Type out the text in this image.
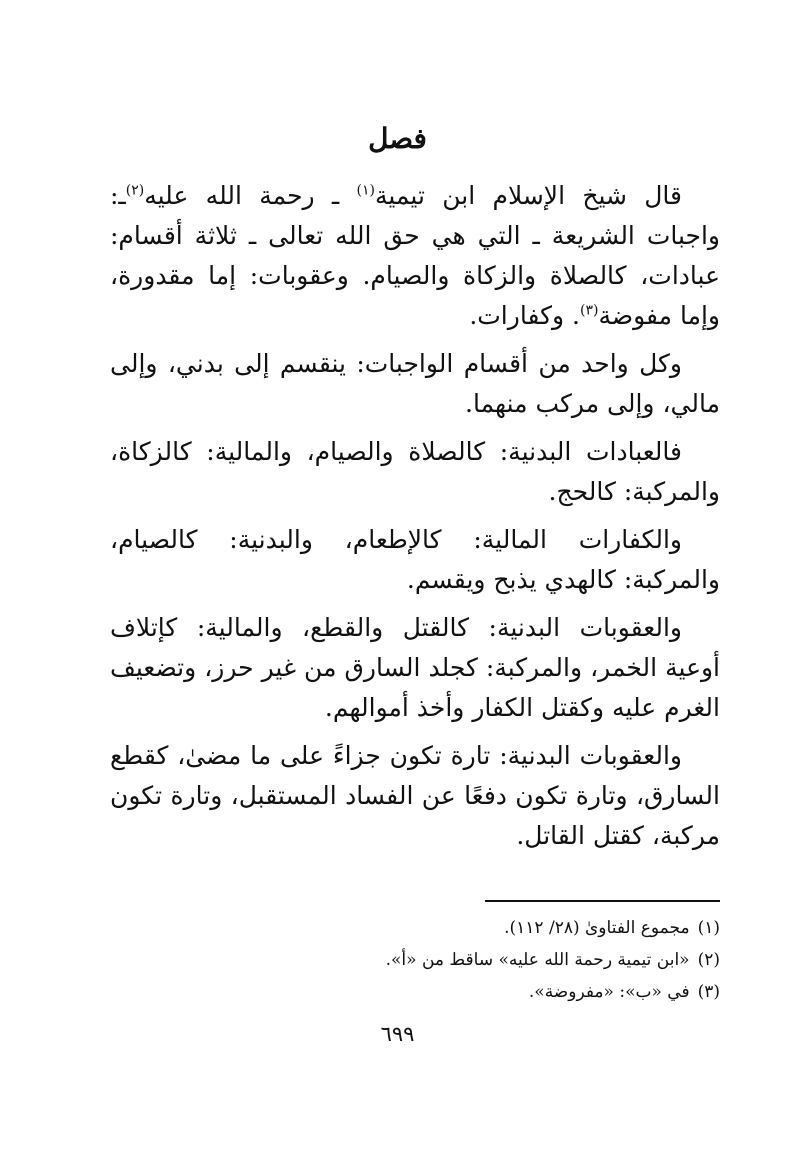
فصل

قال شيخ الإسلام ابن تيمية$^{(١)}$ ـ رحمة الله عليه$^{(٢)}$ـ: واجبات الشريعة ـ التي هي حق الله تعالى ـ ثلاثة أقسام: عبادات، كالصلاة والزكاة والصيام. وعقوبات: إما مقدورة، وإما مفوضة$^{(٣)}$. وكفارات.

وكل واحد من أقسام الواجبات: ينقسم إلى بدني، وإلى مالي، وإلى مركب منهما.

فالعبادات البدنية: كالصلاة والصيام، والمالية: كالزكاة، والمركبة: كالحج.

والكفارات المالية: كالإطعام، والبدنية: كالصيام، والمركبة: كالهدي يذبح ويقسم.

والعقوبات البدنية: كالقتل والقطع، والمالية: كإتلاف أوعية الخمر، والمركبة: كجلد السارق من غير حرز، وتضعيف الغرم عليه وكقتل الكفار وأخذ أموالهم.

والعقوبات البدنية: تارة تكون جزاءً على ما مضىٰ، كقطع السارق، وتارة تكون دفعًا عن الفساد المستقبل، وتارة تكون مركبة، كقتل القاتل.

(١)مجموع الفتاوىٰ (٢٨/ ١١٢).
(٢)«ابن تيمية رحمة الله عليه» ساقط من «أ».
(٣)في «ب»: «مفروضة».
٦٩٩
